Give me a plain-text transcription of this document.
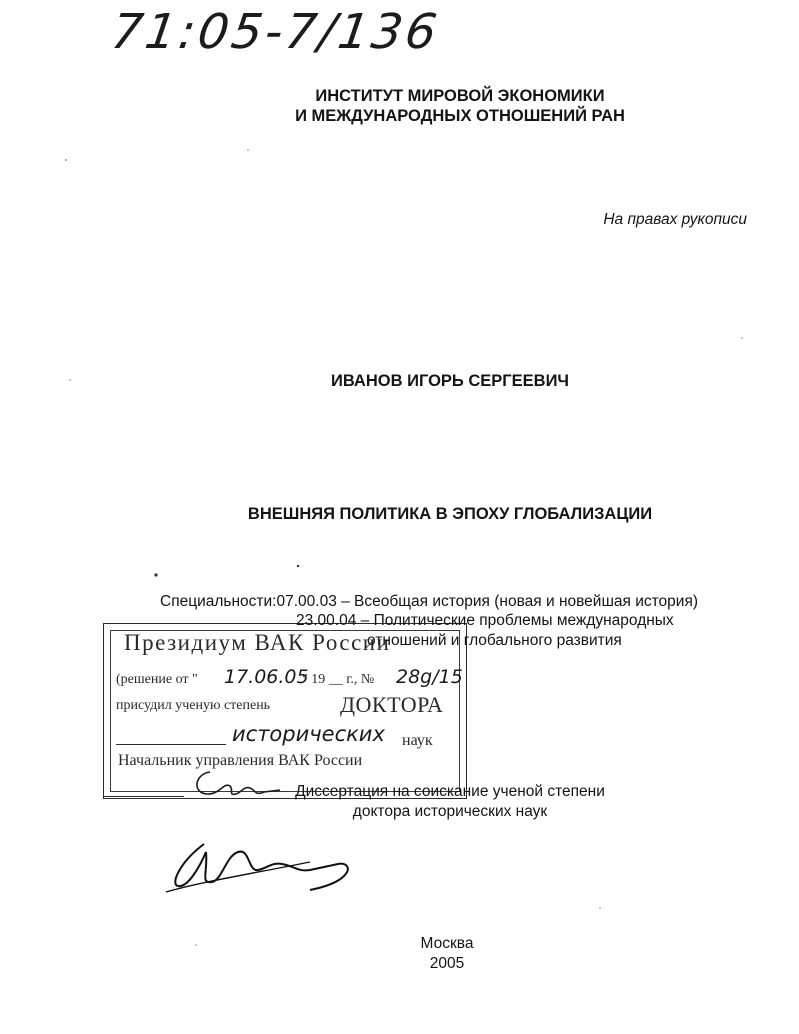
71:05-7/136
ИНСТИТУТ МИРОВОЙ ЭКОНОМИКИ
И МЕЖДУНАРОДНЫХ ОТНОШЕНИЙ РАН
На правах рукописи
ИВАНОВ ИГОРЬ СЕРГЕЕВИЧ
ВНЕШНЯЯ ПОЛИТИКА В ЭПОХУ ГЛОБАЛИЗАЦИИ
Президиум ВАК России
(решение от " 17.06.05
" 19 __ г., № 28g/15
присудил ученую степень	ДОКТОРА
исторических наук
Начальник управления ВАК России
Специальности:07.00.03 – Всеобщая история (новая и новейшая история)
23.00.04 – Политические проблемы международных
отношений и глобального развития
Диссертация на соискание ученой степени
доктора исторических наук
Москва
2005
